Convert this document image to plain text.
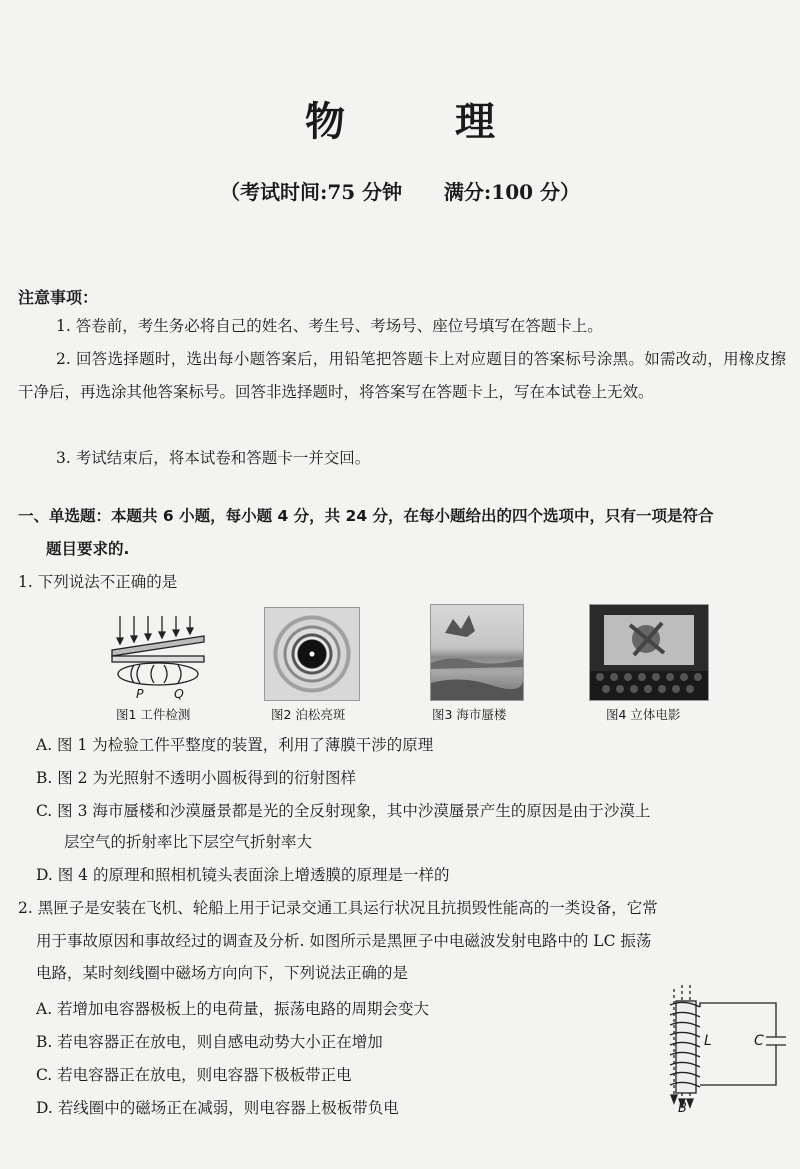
物 理
（考试时间:75 分钟      满分:100 分）
注意事项：
1. 答卷前，考生务必将自己的姓名、考生号、考场号、座位号填写在答题卡上。
2. 回答选择题时，选出每小题答案后，用铅笔把答题卡上对应题目的答案标号涂黑。如需改动，用橡皮擦干净后，再选涂其他答案标号。回答非选择题时，将答案写在答题卡上，写在本试卷上无效。
3. 考试结束后，将本试卷和答题卡一并交回。
一、单选题：本题共 6 小题，每小题 4 分，共 24 分，在每小题给出的四个选项中，只有一项是符合
题目要求的.
1. 下列说法不正确的是
P Q
图1 工件检测	图2 泊松亮斑	图3 海市蜃楼	图4 立体电影
A. 图 1 为检验工件平整度的装置，利用了薄膜干涉的原理
B. 图 2 为光照射不透明小圆板得到的衍射图样
C. 图 3 海市蜃楼和沙漠蜃景都是光的全反射现象，其中沙漠蜃景产生的原因是由于沙漠上
层空气的折射率比下层空气折射率大
D. 图 4 的原理和照相机镜头表面涂上增透膜的原理是一样的
2. 黑匣子是安装在飞机、轮船上用于记录交通工具运行状况且抗损毁性能高的一类设备，它常
用于事故原因和事故经过的调查及分析. 如图所示是黑匣子中电磁波发射电路中的 LC 振荡
电路，某时刻线圈中磁场方向向下，下列说法正确的是
A. 若增加电容器极板上的电荷量，振荡电路的周期会变大
B. 若电容器正在放电，则自感电动势大小正在增加
C. 若电容器正在放电，则电容器下极板带正电
D. 若线圈中的磁场正在减弱，则电容器上极板带负电
L	C
B
